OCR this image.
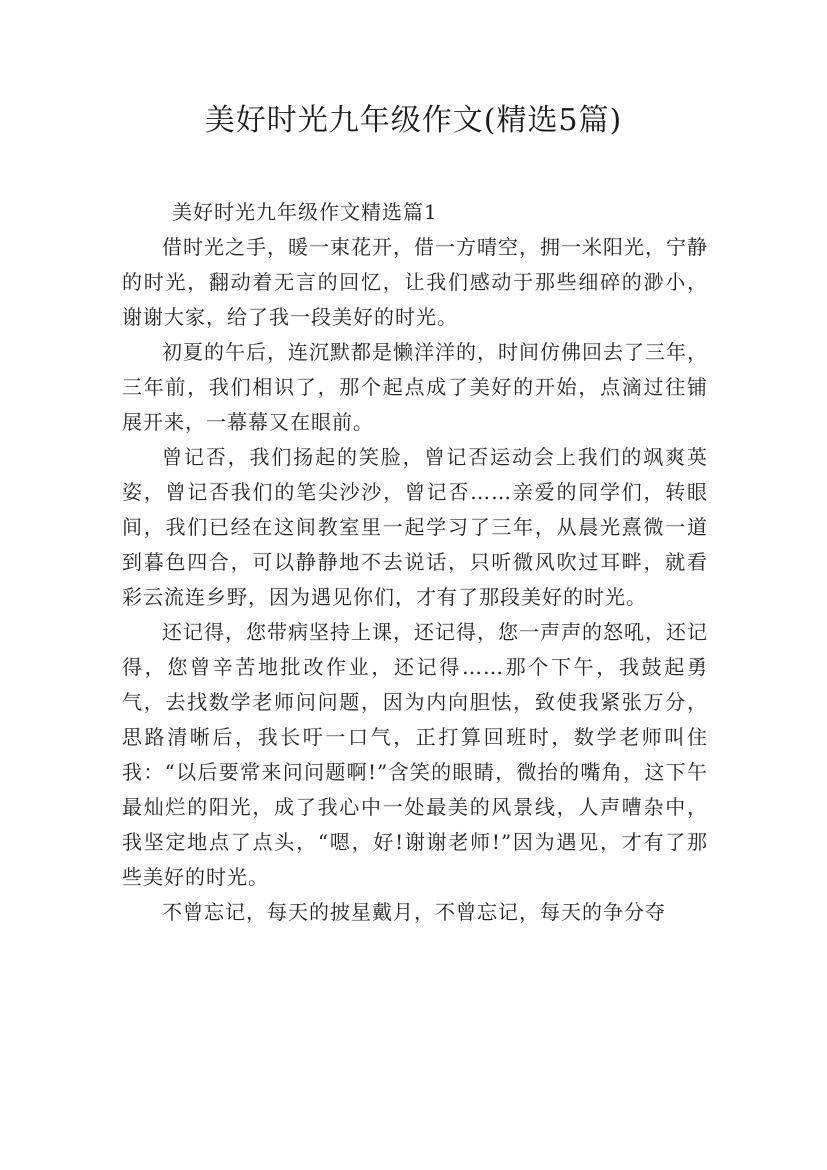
美好时光九年级作文(精选5篇)
美好时光九年级作文精选篇1

借时光之手，暖一束花开，借一方晴空，拥一米阳光，宁静的时光，翻动着无言的回忆，让我们感动于那些细碎的渺小，谢谢大家，给了我一段美好的时光。

初夏的午后，连沉默都是懒洋洋的，时间仿佛回去了三年，三年前，我们相识了，那个起点成了美好的开始，点滴过往铺展开来，一幕幕又在眼前。

曾记否，我们扬起的笑脸，曾记否运动会上我们的飒爽英姿，曾记否我们的笔尖沙沙，曾记否……亲爱的同学们，转眼间，我们已经在这间教室里一起学习了三年，从晨光熹微一道到暮色四合，可以静静地不去说话，只听微风吹过耳畔，就看彩云流连乡野，因为遇见你们，才有了那段美好的时光。

还记得，您带病坚持上课，还记得，您一声声的怒吼，还记得，您曾辛苦地批改作业，还记得……那个下午，我鼓起勇气，去找数学老师问问题，因为内向胆怯，致使我紧张万分，思路清晰后，我长吁一口气，正打算回班时，数学老师叫住我：“以后要常来问问题啊!”含笑的眼睛，微抬的嘴角，这下午最灿烂的阳光，成了我心中一处最美的风景线，人声嘈杂中，我坚定地点了点头，“嗯，好!谢谢老师!”因为遇见，才有了那些美好的时光。

不曾忘记，每天的披星戴月，不曾忘记，每天的争分夺
